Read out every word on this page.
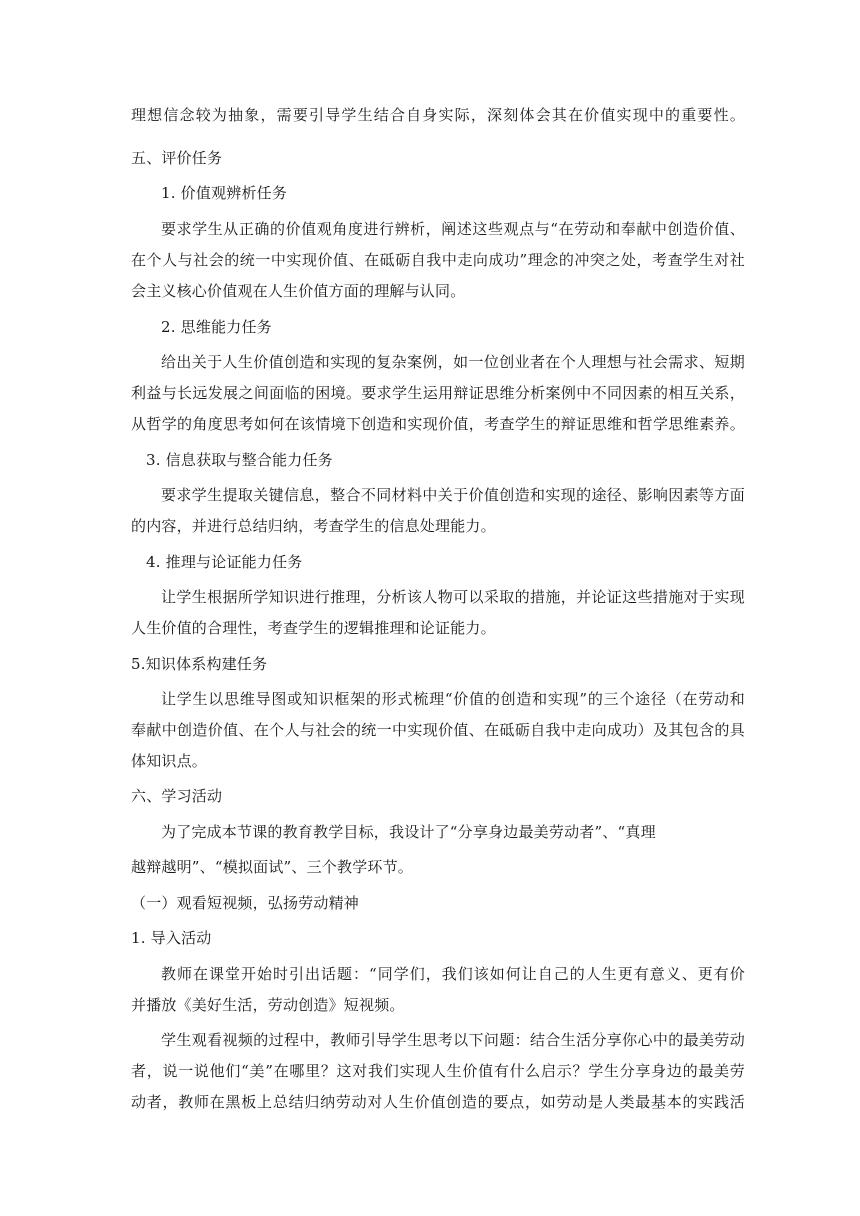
理想信念较为抽象，需要引导学生结合自身实际，深刻体会其在价值实现中的重要性。
五、评价任务
1. 价值观辨析任务
要求学生从正确的价值观角度进行辨析，阐述这些观点与“在劳动和奉献中创造价值、
在个人与社会的统一中实现价值、在砥砺自我中走向成功”理念的冲突之处，考查学生对社
会主义核心价值观在人生价值方面的理解与认同。
2. 思维能力任务
给出关于人生价值创造和实现的复杂案例，如一位创业者在个人理想与社会需求、短期
利益与长远发展之间面临的困境。要求学生运用辩证思维分析案例中不同因素的相互关系，
从哲学的角度思考如何在该情境下创造和实现价值，考查学生的辩证思维和哲学思维素养。
3. 信息获取与整合能力任务
要求学生提取关键信息，整合不同材料中关于价值创造和实现的途径、影响因素等方面
的内容，并进行总结归纳，考查学生的信息处理能力。
4. 推理与论证能力任务
让学生根据所学知识进行推理，分析该人物可以采取的措施，并论证这些措施对于实现
人生价值的合理性，考查学生的逻辑推理和论证能力。
5.知识体系构建任务
让学生以思维导图或知识框架的形式梳理“价值的创造和实现”的三个途径（在劳动和
奉献中创造价值、在个人与社会的统一中实现价值、在砥砺自我中走向成功）及其包含的具
体知识点。
六、学习活动
为了完成本节课的教育教学目标，我设计了“分享身边最美劳动者”、“真理
越辩越明”、“模拟面试”、三个教学环节。
（一）观看短视频，弘扬劳动精神
1. 导入活动
教师在课堂开始时引出话题：“同学们，我们该如何让自己的人生更有意义、更有价
并播放《美好生活，劳动创造》短视频。
学生观看视频的过程中，教师引导学生思考以下问题：结合生活分享你心中的最美劳动
者，说一说他们“美”在哪里？这对我们实现人生价值有什么启示？学生分享身边的最美劳
动者，教师在黑板上总结归纳劳动对人生价值创造的要点，如劳动是人类最基本的实践活
